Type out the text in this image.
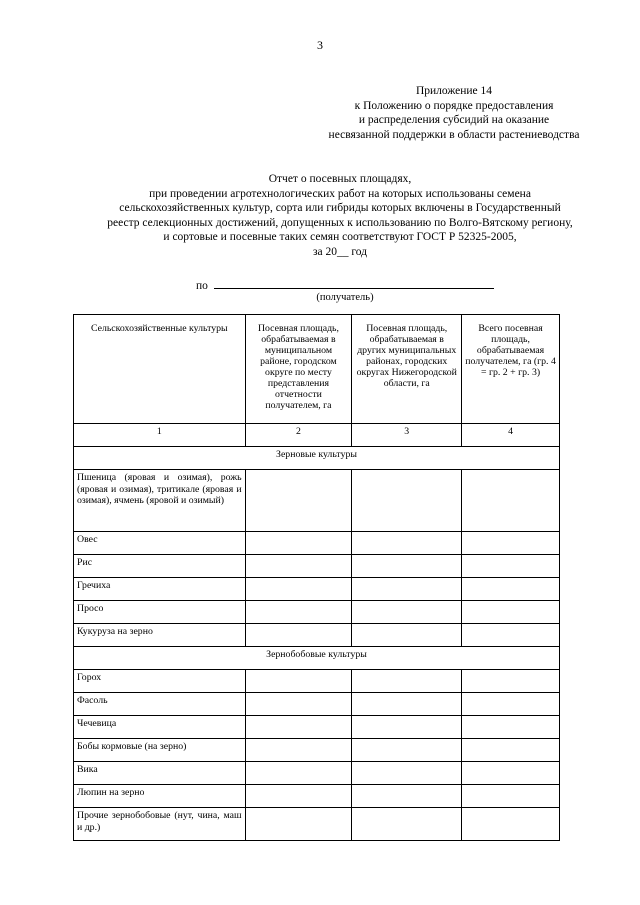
3
Приложение 14
к Положению о порядке предоставления
и распределения субсидий на оказание
несвязанной поддержки в области растениеводства
Отчет о посевных площадях,
при проведении агротехнологических работ на которых использованы семена
сельскохозяйственных культур, сорта или гибриды которых включены в Государственный
реестр селекционных достижений, допущенных к использованию по Волго-Вятскому региону,
и сортовые и посевные таких семян соответствуют ГОСТ Р 52325-2005,
за 20__ год
по
(получатель)
Сельскохозяйственные культуры	Посевная площадь, обрабатываемая в муниципальном районе, городском округе по месту представления отчетности получателем, га	Посевная площадь, обрабатываемая в других муниципальных районах, городских округах Нижегородской области, га	Всего посевная площадь, обрабатываемая получателем, га (гр. 4 = гр. 2 + гр. 3)
1	2	3	4
Зерновые культуры			
Пшеница (яровая и озимая), рожь (яровая и озимая), тритикале (яровая и озимая), ячмень (яровой и озимый)			
Овес			
Рис			
Гречиха			
Просо			
Кукуруза на зерно			
Зернобобовые культуры			
Горох			
Фасоль			
Чечевица			
Бобы кормовые (на зерно)			
Вика			
Люпин на зерно			
Прочие зернобобовые (нут, чина, маш и др.)			
